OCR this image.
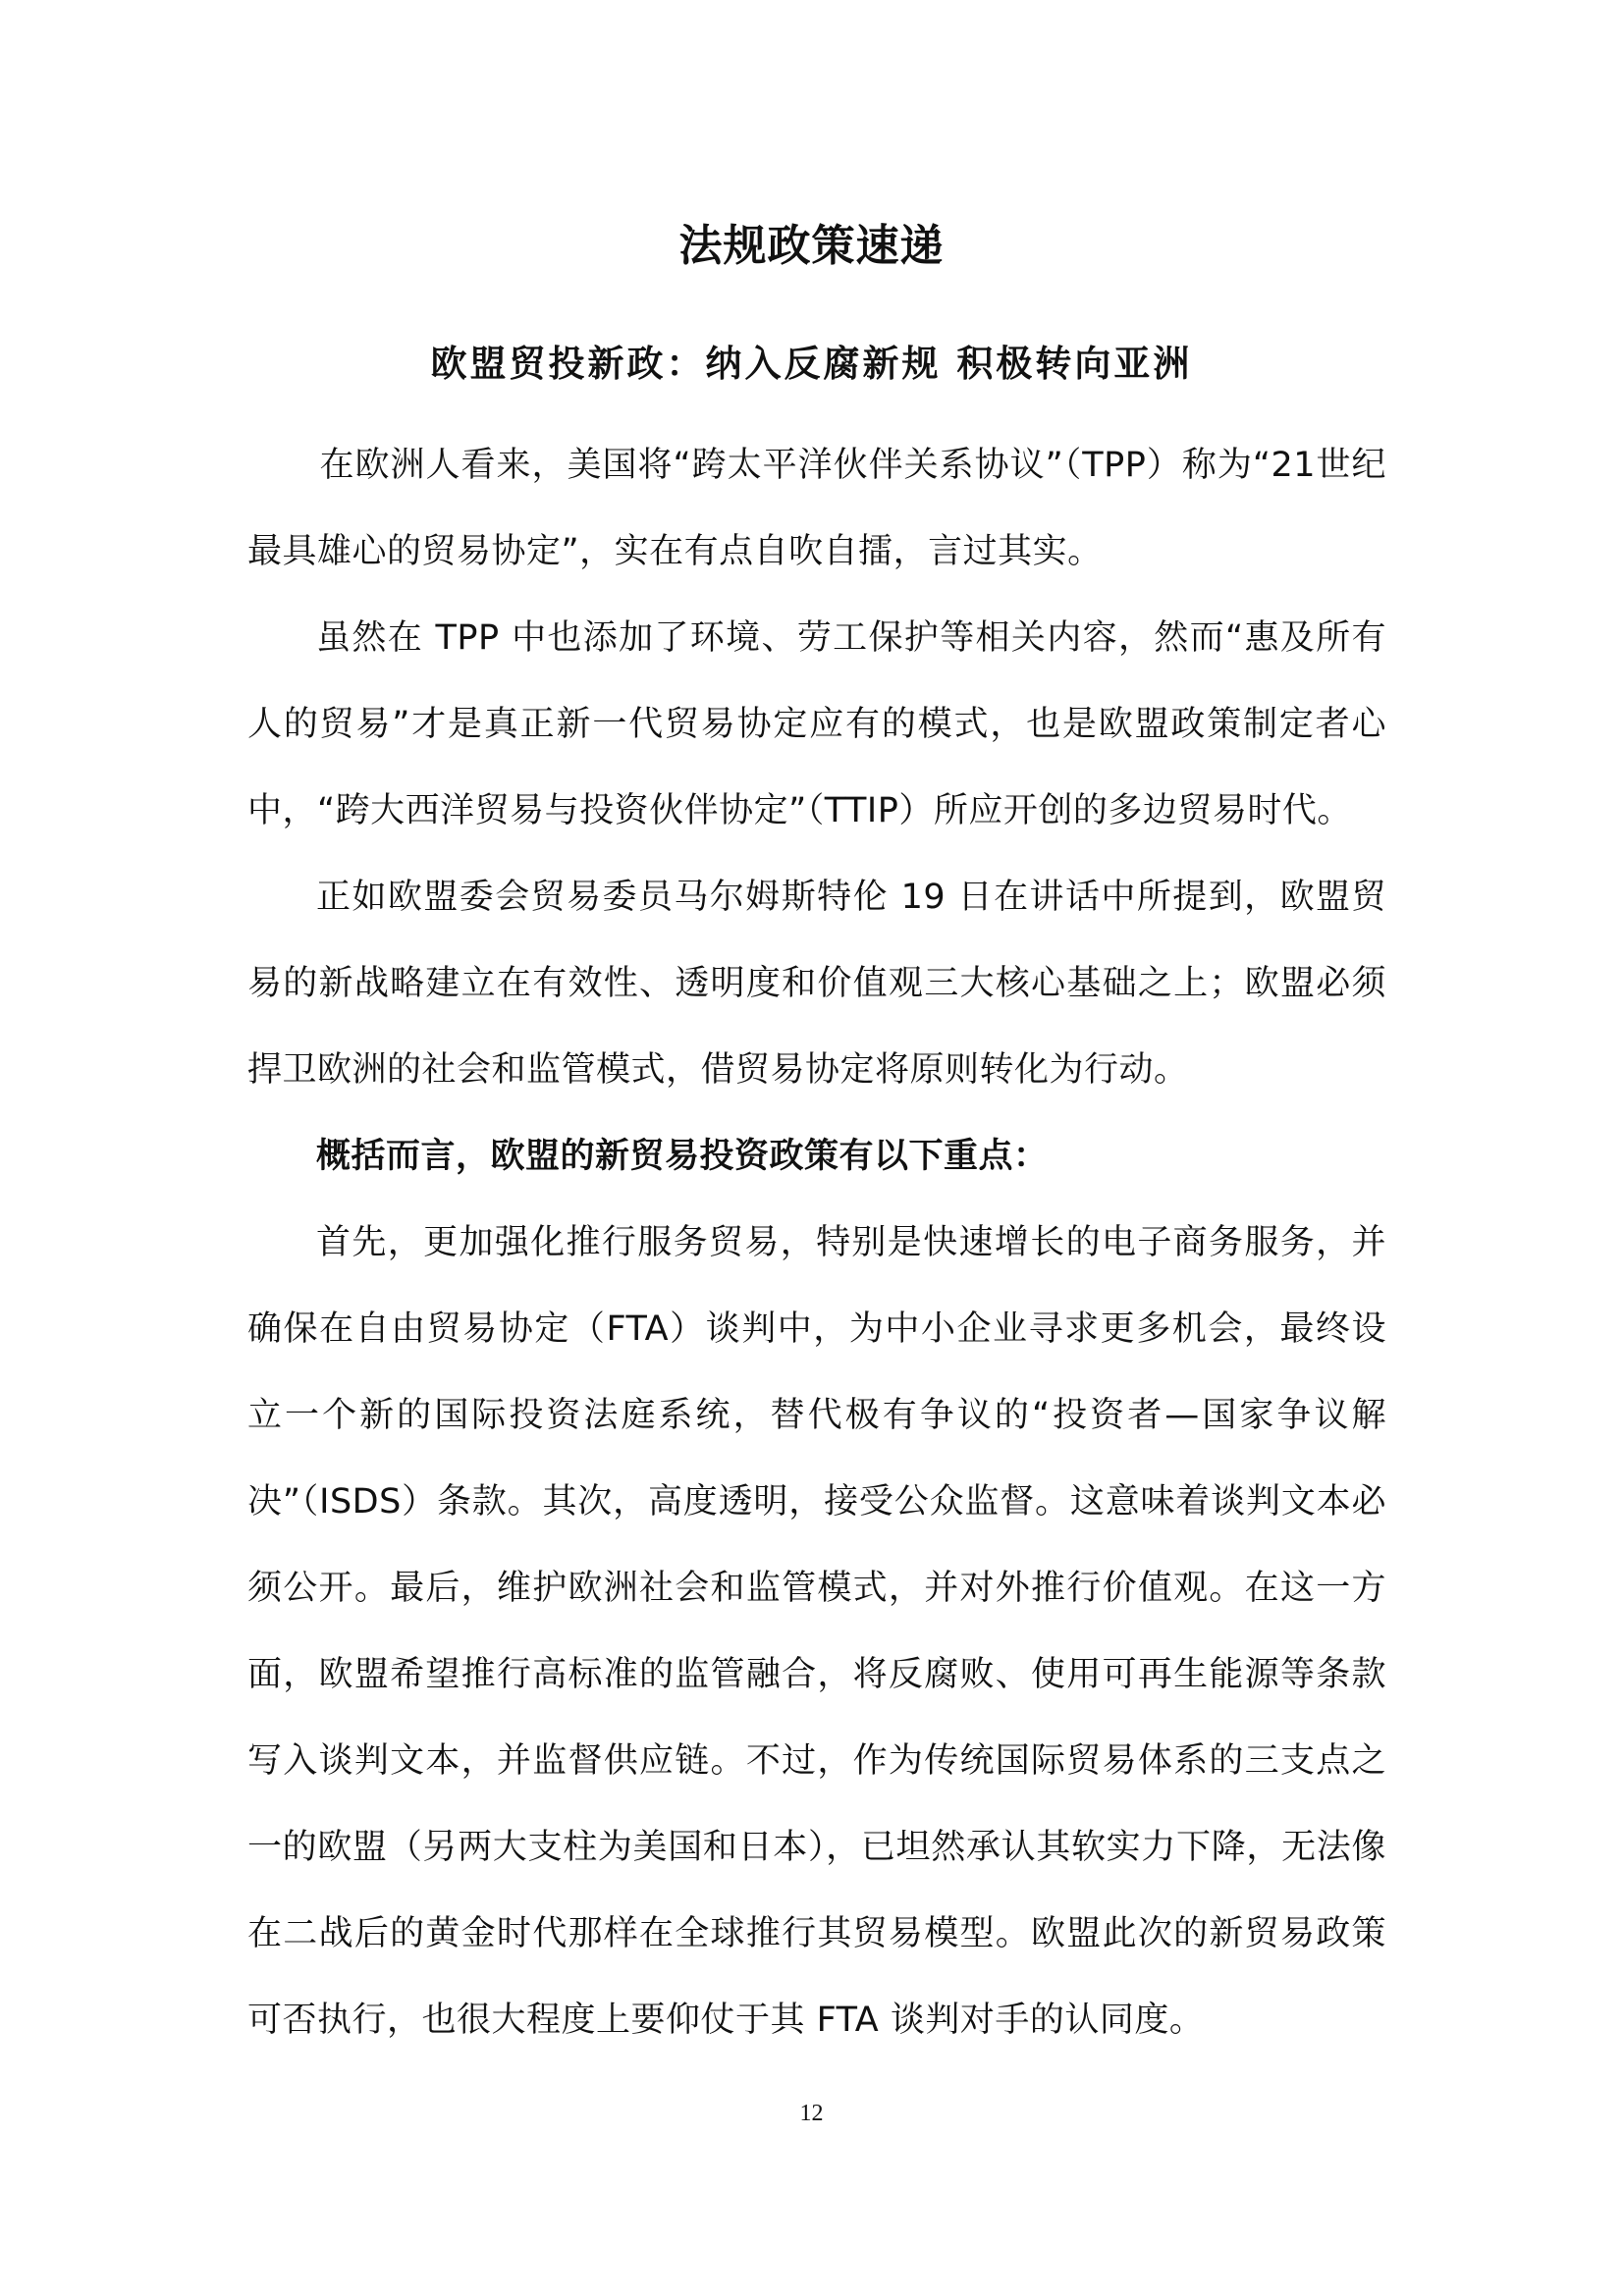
法规政策速递
欧盟贸投新政：纳入反腐新规 积极转向亚洲

在欧洲人看来，美国将“跨太平洋伙伴关系协议”（TPP）称为“21世纪最具雄心的贸易协定”，实在有点自吹自擂，言过其实。

虽然在 TPP 中也添加了环境、劳工保护等相关内容，然而“惠及所有人的贸易”才是真正新一代贸易协定应有的模式，也是欧盟政策制定者心中，“跨大西洋贸易与投资伙伴协定”（TTIP）所应开创的多边贸易时代。

正如欧盟委会贸易委员马尔姆斯特伦 19 日在讲话中所提到，欧盟贸易的新战略建立在有效性、透明度和价值观三大核心基础之上；欧盟必须捍卫欧洲的社会和监管模式，借贸易协定将原则转化为行动。

概括而言，欧盟的新贸易投资政策有以下重点：

首先，更加强化推行服务贸易，特别是快速增长的电子商务服务，并确保在自由贸易协定（FTA）谈判中，为中小企业寻求更多机会，最终设立一个新的国际投资法庭系统，替代极有争议的“投资者—国家争议解决”（ISDS）条款。其次，高度透明，接受公众监督。这意味着谈判文本必须公开。最后，维护欧洲社会和监管模式，并对外推行价值观。在这一方面，欧盟希望推行高标准的监管融合，将反腐败、使用可再生能源等条款写入谈判文本，并监督供应链。不过，作为传统国际贸易体系的三支点之一的欧盟（另两大支柱为美国和日本），已坦然承认其软实力下降，无法像在二战后的黄金时代那样在全球推行其贸易模型。欧盟此次的新贸易政策可否执行，也很大程度上要仰仗于其 FTA 谈判对手的认同度。

12
